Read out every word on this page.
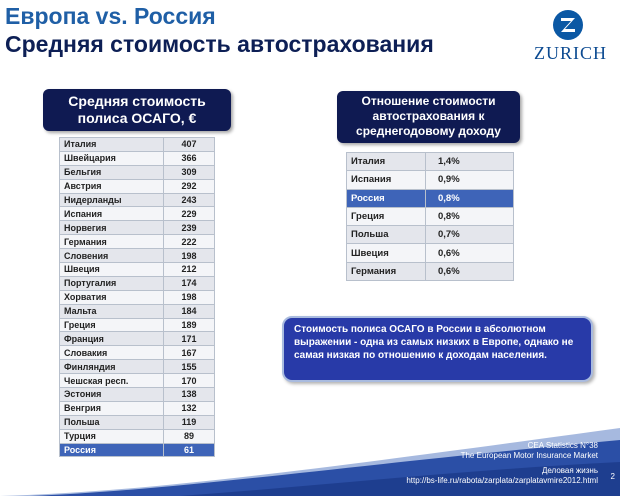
Европа vs. Россия
Средняя стоимость автострахования	ZURICH
Средняя стоимость полиса ОСАГО, €
Италия	407
Швейцария	366
Бельгия	309
Австрия	292
Нидерланды	243
Испания	229
Норвегия	239
Германия	222
Словения	198
Швеция	212
Португалия	174
Хорватия	198
Мальта	184
Греция	189
Франция	171
Словакия	167
Финляндия	155
Чешская респ.	170
Эстония	138
Венгрия	132
Польша	119
Турция	89
Россия	61
Отношение стоимости автострахования к среднегодовому доходу
Италия	1,4%
Испания	0,9%
Россия	0,8%
Греция	0,8%
Польша	0,7%
Швеция	0,6%
Германия	0,6%
Стоимость полиса ОСАГО в России в абсолютном выражении - одна из самых низких в Европе, однако не самая низкая по отношению к доходам населения.
CEA Statistics N°38
The European Motor Insurance Market
Деловая жизнь
http://bs-life.ru/rabota/zarplata/zarplatavmire2012.html 2
